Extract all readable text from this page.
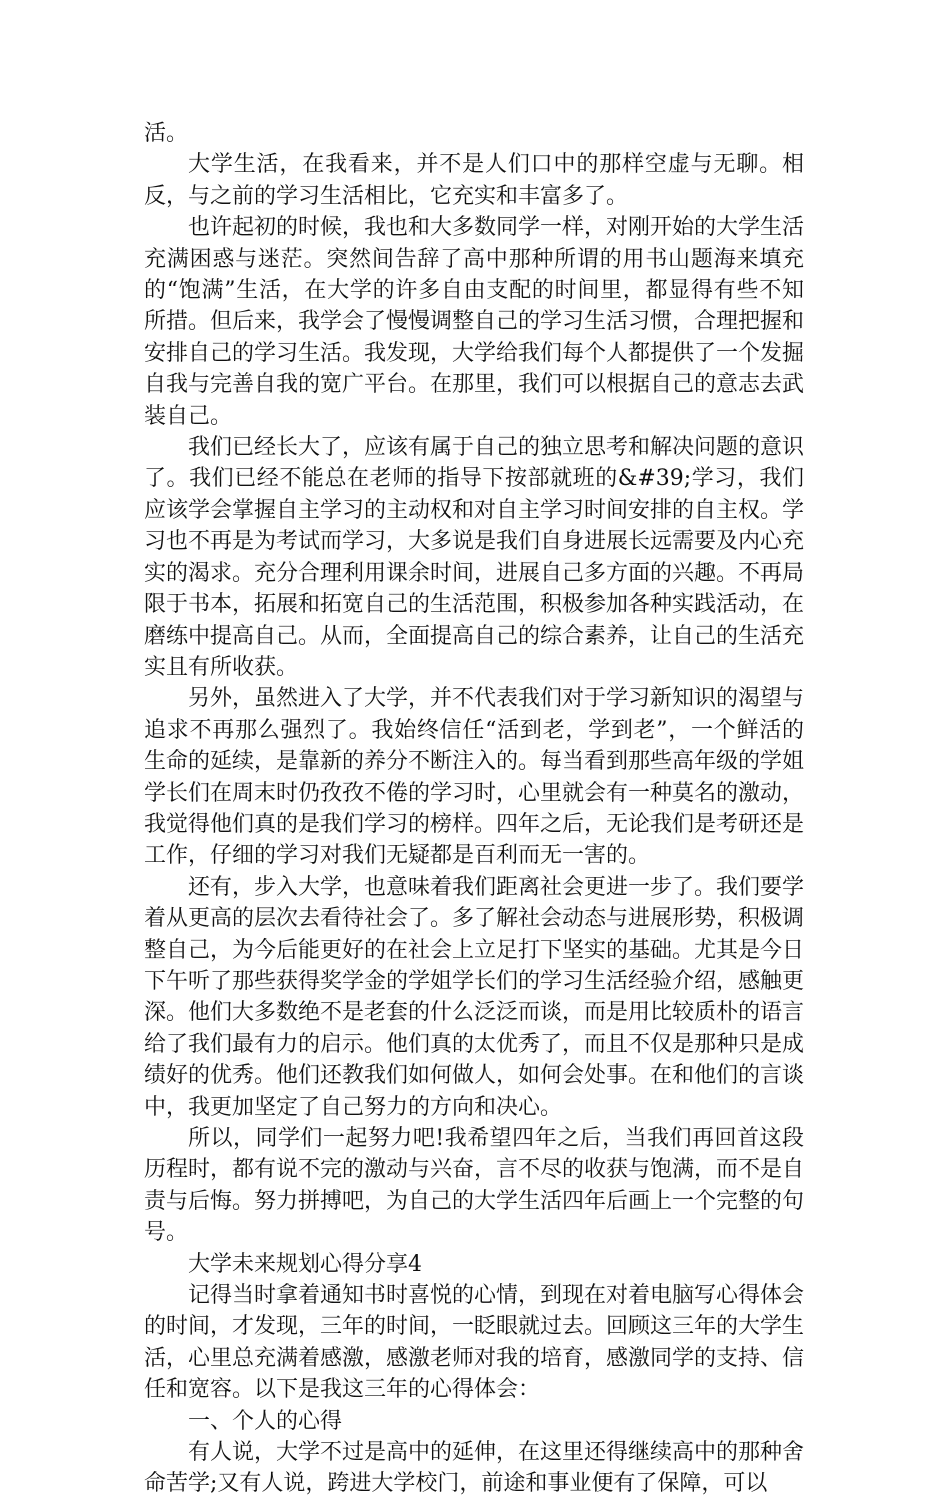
活。

大学生活，在我看来，并不是人们口中的那样空虚与无聊。相反，与之前的学习生活相比，它充实和丰富多了。

也许起初的时候，我也和大多数同学一样，对刚开始的大学生活充满困惑与迷茫。突然间告辞了高中那种所谓的用书山题海来填充的“饱满”生活，在大学的许多自由支配的时间里，都显得有些不知所措。但后来，我学会了慢慢调整自己的学习生活习惯，合理把握和安排自己的学习生活。我发现，大学给我们每个人都提供了一个发掘自我与完善自我的宽广平台。在那里，我们可以根据自己的意志去武装自己。

我们已经长大了，应该有属于自己的独立思考和解决问题的意识了。我们已经不能总在老师的指导下按部就班的&#39;学习，我们应该学会掌握自主学习的主动权和对自主学习时间安排的自主权。学习也不再是为考试而学习，大多说是我们自身进展长远需要及内心充实的渴求。充分合理利用课余时间，进展自己多方面的兴趣。不再局限于书本，拓展和拓宽自己的生活范围，积极参加各种实践活动，在磨练中提高自己。从而，全面提高自己的综合素养，让自己的生活充实且有所收获。

另外，虽然进入了大学，并不代表我们对于学习新知识的渴望与追求不再那么强烈了。我始终信任“活到老，学到老”，一个鲜活的生命的延续，是靠新的养分不断注入的。每当看到那些高年级的学姐学长们在周末时仍孜孜不倦的学习时，心里就会有一种莫名的激动，我觉得他们真的是我们学习的榜样。四年之后，无论我们是考研还是工作，仔细的学习对我们无疑都是百利而无一害的。

还有，步入大学，也意味着我们距离社会更进一步了。我们要学着从更高的层次去看待社会了。多了解社会动态与进展形势，积极调整自己，为今后能更好的在社会上立足打下坚实的基础。尤其是今日下午听了那些获得奖学金的学姐学长们的学习生活经验介绍，感触更深。他们大多数绝不是老套的什么泛泛而谈，而是用比较质朴的语言给了我们最有力的启示。他们真的太优秀了，而且不仅是那种只是成绩好的优秀。他们还教我们如何做人，如何会处事。在和他们的言谈中，我更加坚定了自己努力的方向和决心。

所以，同学们一起努力吧!我希望四年之后，当我们再回首这段历程时，都有说不完的激动与兴奋，言不尽的收获与饱满，而不是自责与后悔。努力拼搏吧，为自己的大学生活四年后画上一个完整的句号。

大学未来规划心得分享4

记得当时拿着通知书时喜悦的心情，到现在对着电脑写心得体会的时间，才发现，三年的时间，一眨眼就过去。回顾这三年的大学生活，心里总充满着感激，感激老师对我的培育，感激同学的支持、信任和宽容。以下是我这三年的心得体会：

一、个人的心得

有人说，大学不过是高中的延伸，在这里还得继续高中的那种舍命苦学;又有人说，跨进大学校门，前途和事业便有了保障，可以
